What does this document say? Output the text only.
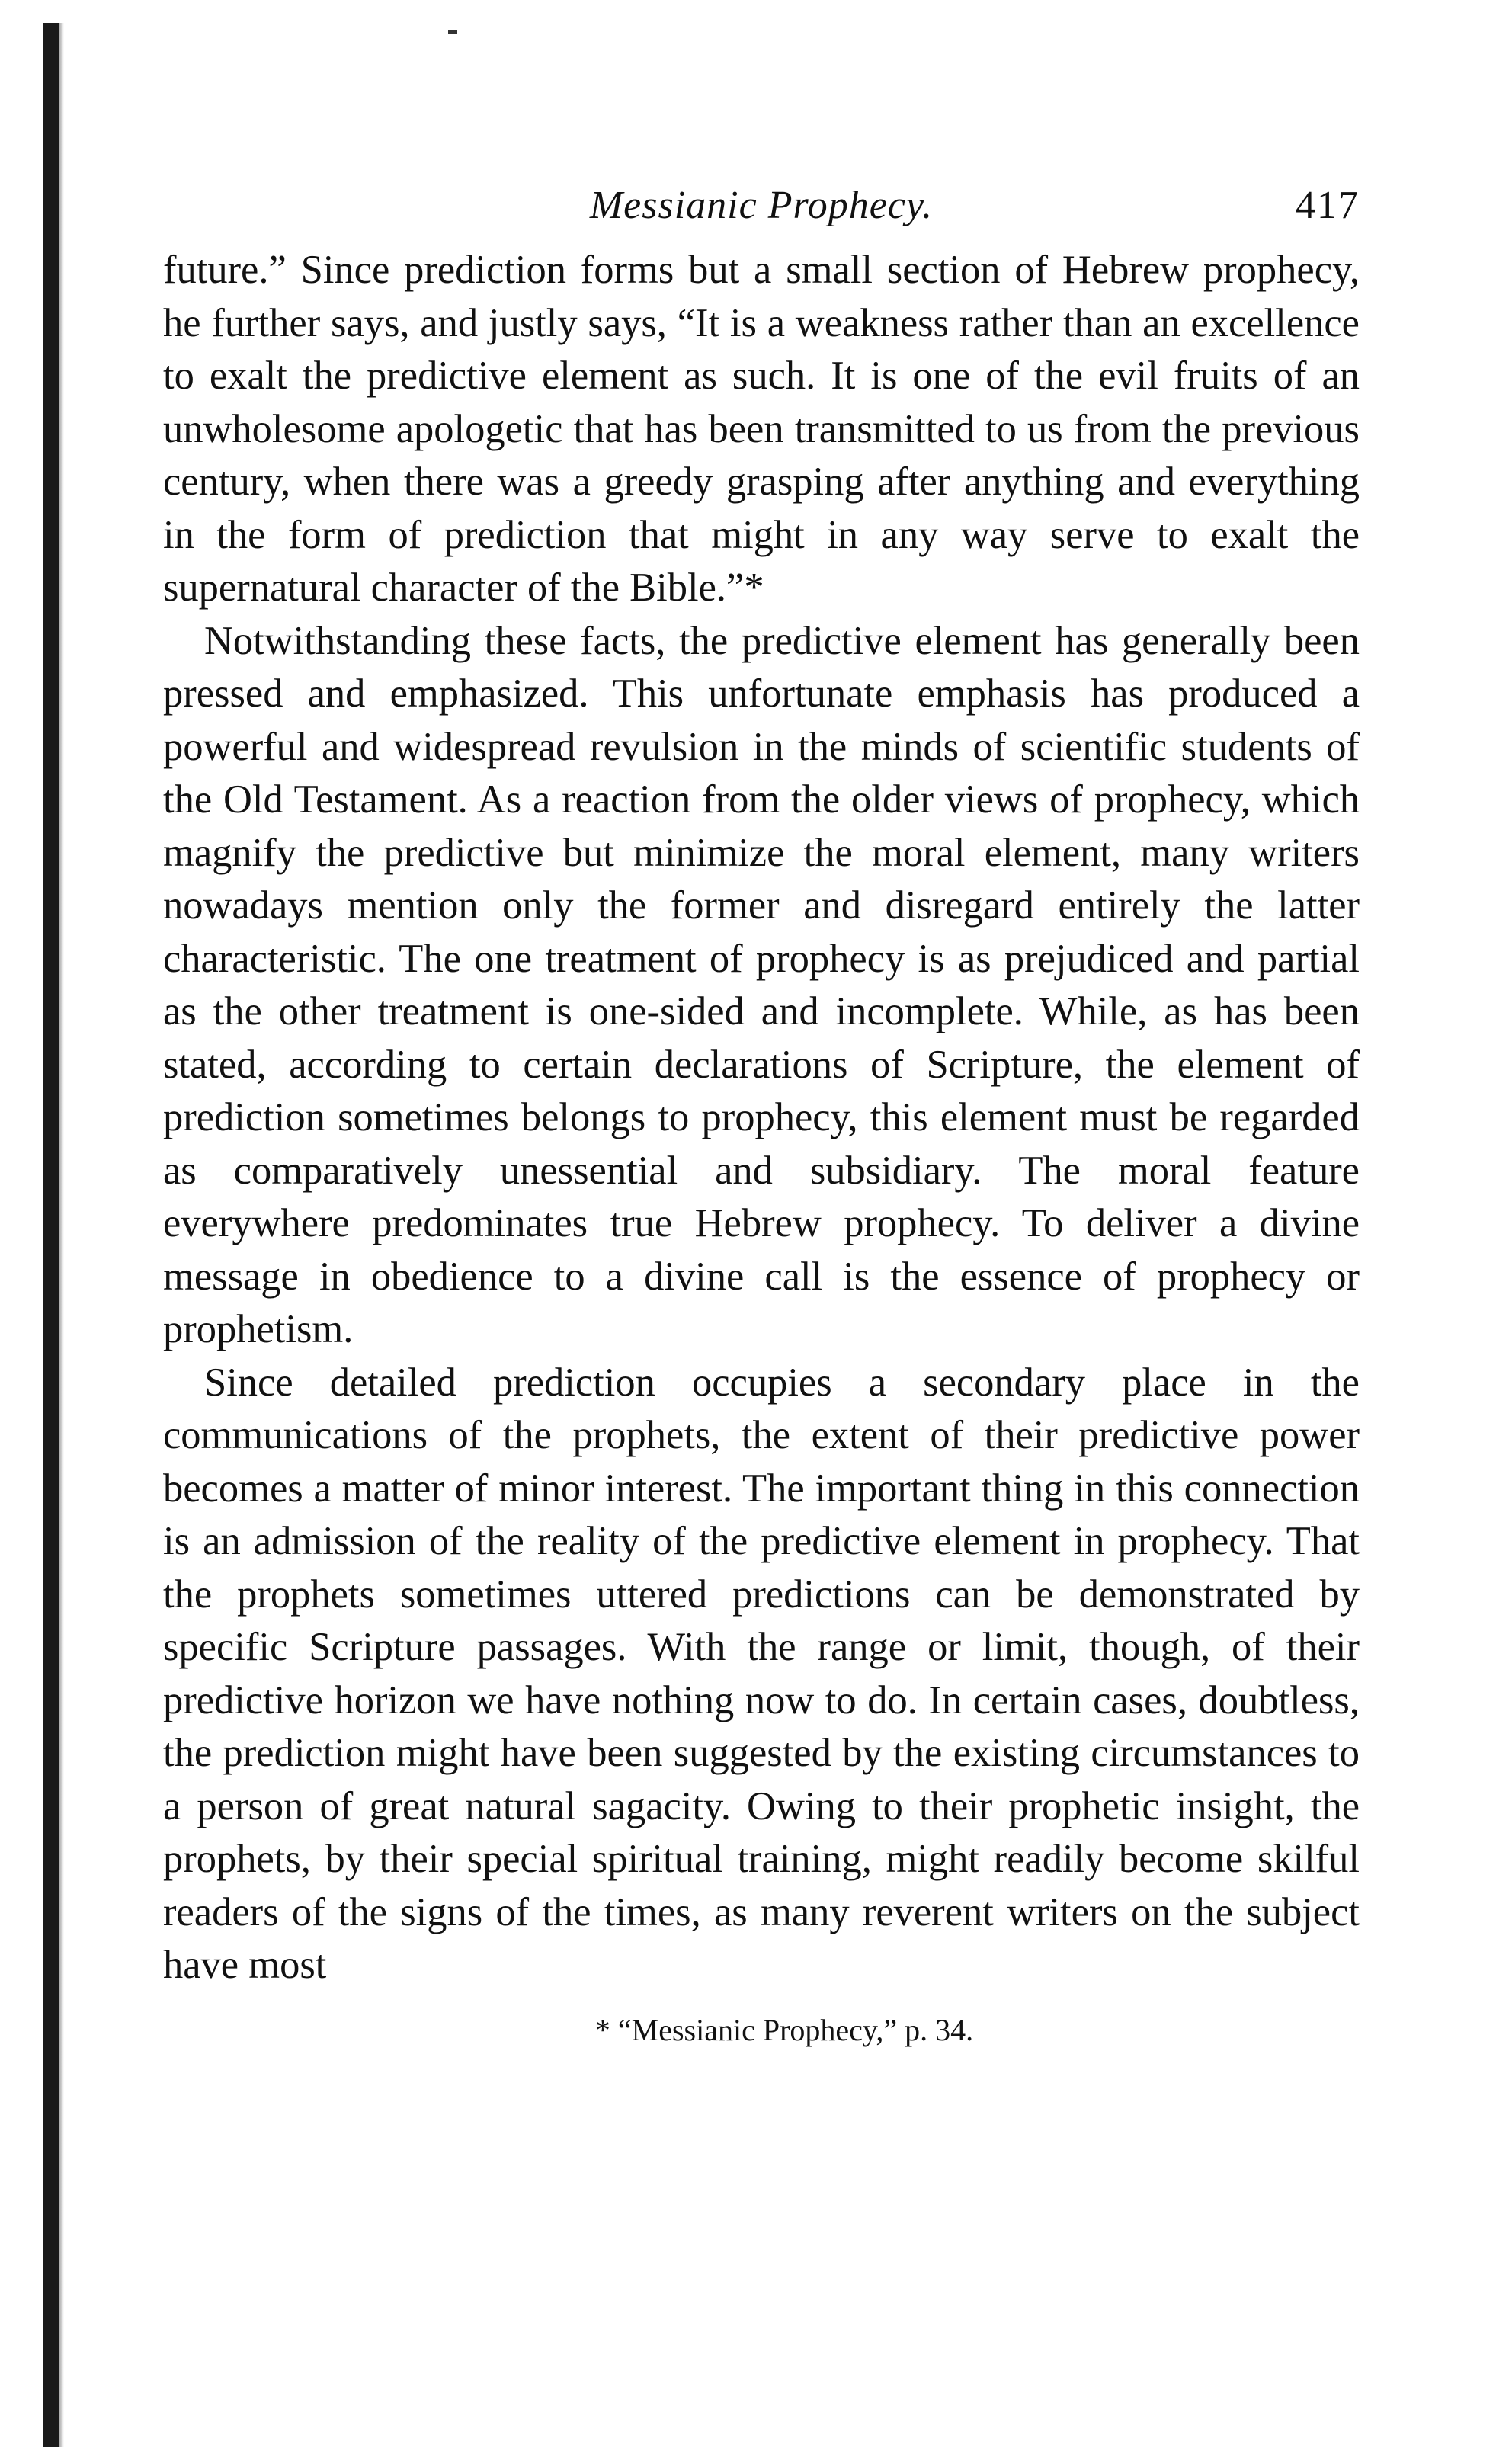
Messianic Prophecy.	417

future.” Since prediction forms but a small section of Hebrew prophecy, he further says, and justly says, “It is a weakness rather than an excellence to exalt the predictive element as such. It is one of the evil fruits of an unwholesome apologetic that has been transmitted to us from the previous century, when there was a greedy grasping after anything and everything in the form of prediction that might in any way serve to exalt the supernatural character of the Bible.”*

Notwithstanding these facts, the predictive element has generally been pressed and emphasized. This unfortunate emphasis has produced a powerful and widespread revulsion in the minds of scientific students of the Old Testament. As a reaction from the older views of prophecy, which magnify the predictive but minimize the moral element, many writers nowadays mention only the former and disregard entirely the latter characteristic. The one treatment of prophecy is as prejudiced and partial as the other treatment is one-sided and incomplete. While, as has been stated, according to certain declarations of Scripture, the element of prediction sometimes belongs to prophecy, this element must be regarded as comparatively unessential and subsidiary. The moral feature everywhere predominates true Hebrew prophecy. To deliver a divine message in obedience to a divine call is the essence of prophecy or prophetism.

Since detailed prediction occupies a secondary place in the communications of the prophets, the extent of their predictive power becomes a matter of minor interest. The important thing in this connection is an admission of the reality of the predictive element in prophecy. That the prophets sometimes uttered predictions can be demonstrated by specific Scripture passages. With the range or limit, though, of their predictive horizon we have nothing now to do. In certain cases, doubtless, the prediction might have been suggested by the existing circumstances to a person of great natural sagacity. Owing to their prophetic insight, the prophets, by their special spiritual training, might readily become skilful readers of the signs of the times, as many reverent writers on the subject have most

* “Messianic Prophecy,” p. 34.
